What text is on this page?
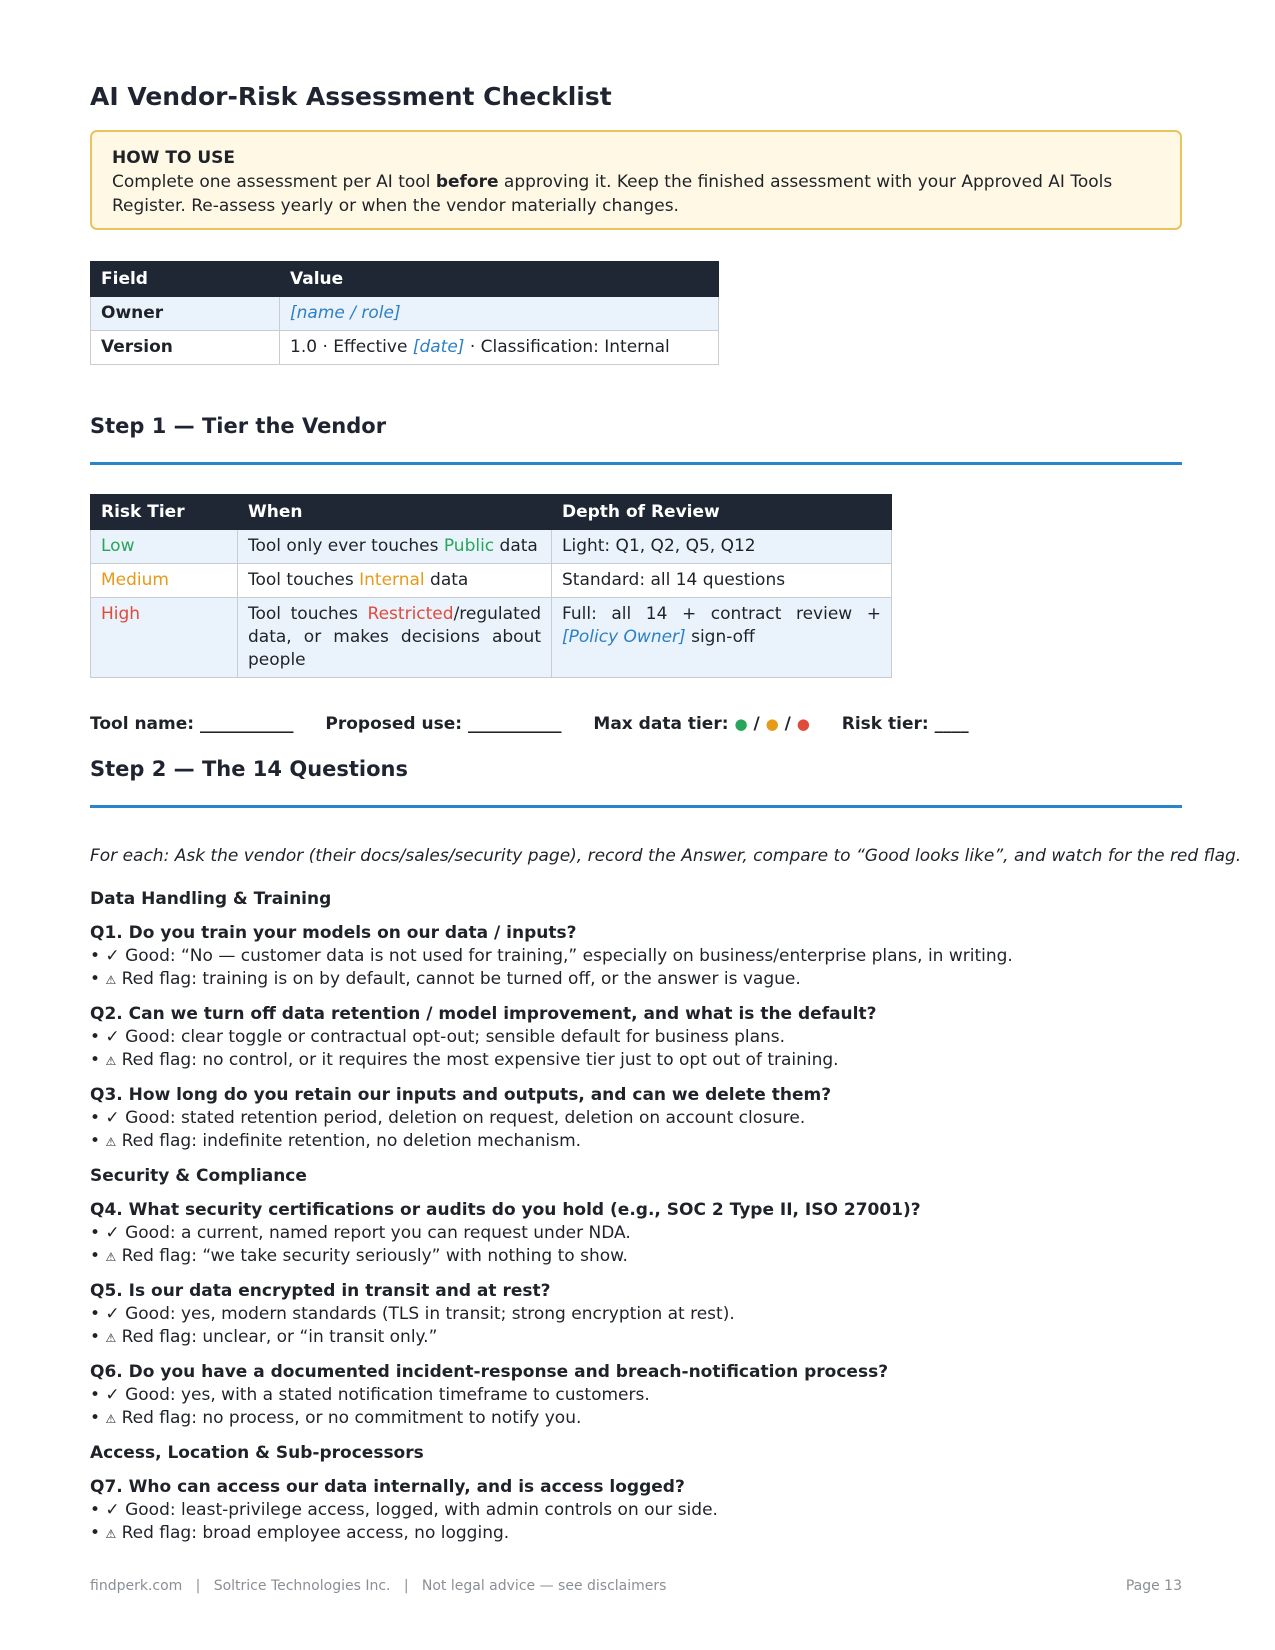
AI Vendor-Risk Assessment Checklist
HOW TO USE
Complete one assessment per AI tool before approving it. Keep the finished assessment with your Approved AI Tools Register. Re-assess yearly or when the vendor materially changes.
Field	Value
Owner	[name / role]
Version	1.0 · Effective [date] · Classification: Internal
Step 1 — Tier the Vendor
Risk Tier	When	Depth of Review
Low	Tool only ever touches Public data	Light: Q1, Q2, Q5, Q12
Medium	Tool touches Internal data	Standard: all 14 questions
High	Tool touches Restricted/regulated data, or makes decisions about people	Full: all 14 + contract review + [Policy Owner] sign-off
Tool name: ___________ Proposed use: ___________ Max data tier: ● / ● / ● Risk tier: ____
Step 2 — The 14 Questions
For each: Ask the vendor (their docs/sales/security page), record the Answer, compare to “Good looks like”, and watch for the red flag.
Data Handling & Training
Q1. Do you train your models on our data / inputs?
• ✓ Good: “No — customer data is not used for training,” especially on business/enterprise plans, in writing.
• ⚠ Red flag: training is on by default, cannot be turned off, or the answer is vague.
Q2. Can we turn off data retention / model improvement, and what is the default?
• ✓ Good: clear toggle or contractual opt-out; sensible default for business plans.
• ⚠ Red flag: no control, or it requires the most expensive tier just to opt out of training.
Q3. How long do you retain our inputs and outputs, and can we delete them?
• ✓ Good: stated retention period, deletion on request, deletion on account closure.
• ⚠ Red flag: indefinite retention, no deletion mechanism.
Security & Compliance
Q4. What security certifications or audits do you hold (e.g., SOC 2 Type II, ISO 27001)?
• ✓ Good: a current, named report you can request under NDA.
• ⚠ Red flag: “we take security seriously” with nothing to show.
Q5. Is our data encrypted in transit and at rest?
• ✓ Good: yes, modern standards (TLS in transit; strong encryption at rest).
• ⚠ Red flag: unclear, or “in transit only.”
Q6. Do you have a documented incident-response and breach-notification process?
• ✓ Good: yes, with a stated notification timeframe to customers.
• ⚠ Red flag: no process, or no commitment to notify you.
Access, Location & Sub-processors
Q7. Who can access our data internally, and is access logged?
• ✓ Good: least-privilege access, logged, with admin controls on our side.
• ⚠ Red flag: broad employee access, no logging.
findperk.com   |   Soltrice Technologies Inc.   |   Not legal advice — see disclaimers	Page 13
